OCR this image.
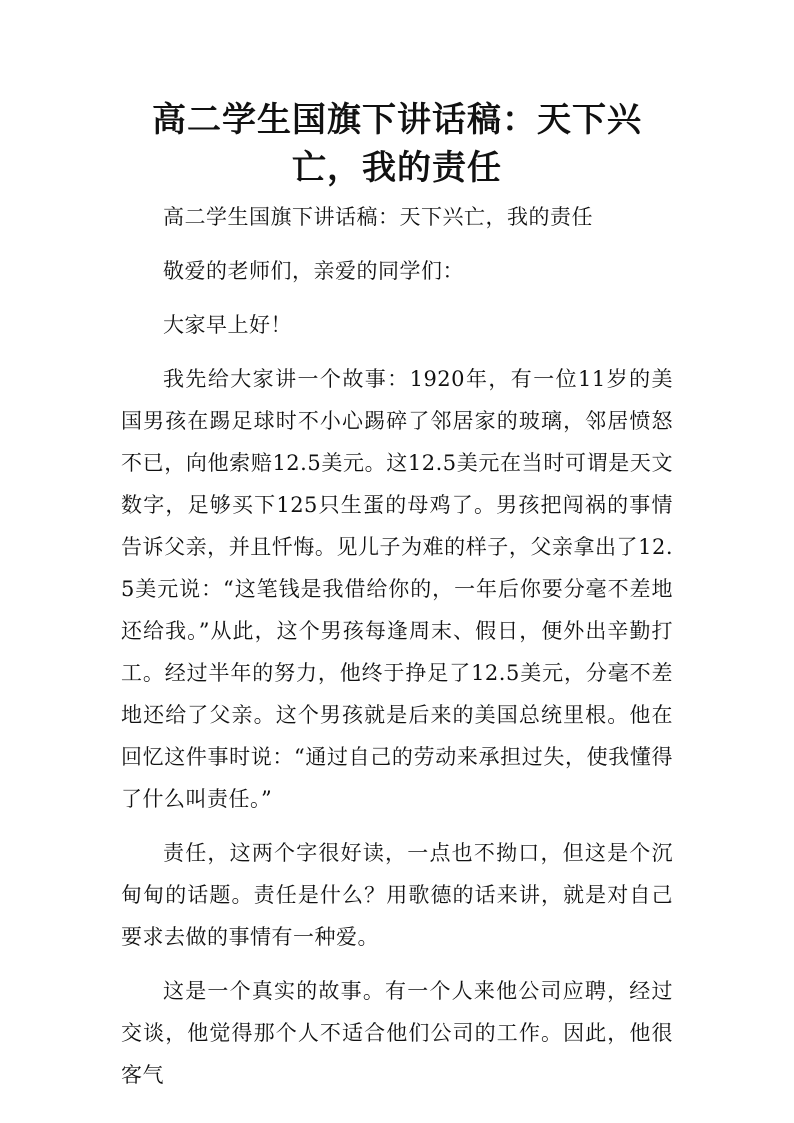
高二学生国旗下讲话稿：天下兴亡，我的责任

高二学生国旗下讲话稿：天下兴亡，我的责任

敬爱的老师们，亲爱的同学们：

大家早上好！

我先给大家讲一个故事：1920年，有一位11岁的美国男孩在踢足球时不小心踢碎了邻居家的玻璃，邻居愤怒不已，向他索赔12.5美元。这12.5美元在当时可谓是天文数字，足够买下125只生蛋的母鸡了。男孩把闯祸的事情告诉父亲，并且忏悔。见儿子为难的样子，父亲拿出了12.5美元说：“这笔钱是我借给你的，一年后你要分毫不差地还给我。”从此，这个男孩每逢周末、假日，便外出辛勤打工。经过半年的努力，他终于挣足了12.5美元，分毫不差地还给了父亲。这个男孩就是后来的美国总统里根。他在回忆这件事时说：“通过自己的劳动来承担过失，使我懂得了什么叫责任。”

责任，这两个字很好读，一点也不拗口，但这是个沉甸甸的话题。责任是什么？用歌德的话来讲，就是对自己要求去做的事情有一种爱。

这是一个真实的故事。有一个人来他公司应聘，经过交谈，他觉得那个人不适合他们公司的工作。因此，他很客气
